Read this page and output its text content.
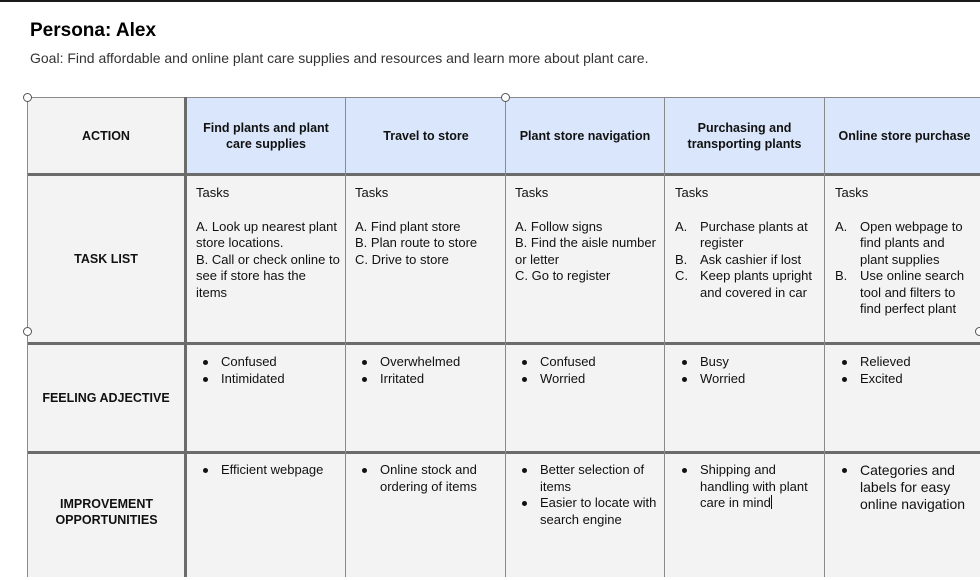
Persona: Alex
Goal: Find affordable and online plant care supplies and resources and learn more about plant care.
ACTION
TASK LIST
FEELING ADJECTIVE
IMPROVEMENT OPPORTUNITIES
Find plants and plant care supplies
Travel to store	Plant store navigation
Purchasing and transporting plants
Online store purchase
Tasks
A. Look up nearest plant
store locations.
B. Call or check online to
see if store has the
items
Tasks
A. Find plant store
B. Plan route to store
C. Drive to store
Tasks
A. Follow signs
B. Find the aisle number
or letter
C. Go to register
Tasks
A. Purchase plants at register
B. Ask cashier if lost
C. Keep plants upright and covered in car
Tasks
A. Open webpage to find plants and plant supplies
B. Use online search tool and filters to find perfect plant
Confused
Intimidated
Overwhelmed
Irritated
Confused
Worried
Busy
Worried
Relieved
Excited
Efficient webpage	Online stock and ordering of items
Better selection of items
Easier to locate with search engine
Shipping and handling with plant care in mind
Categories and labels for easy online navigation
